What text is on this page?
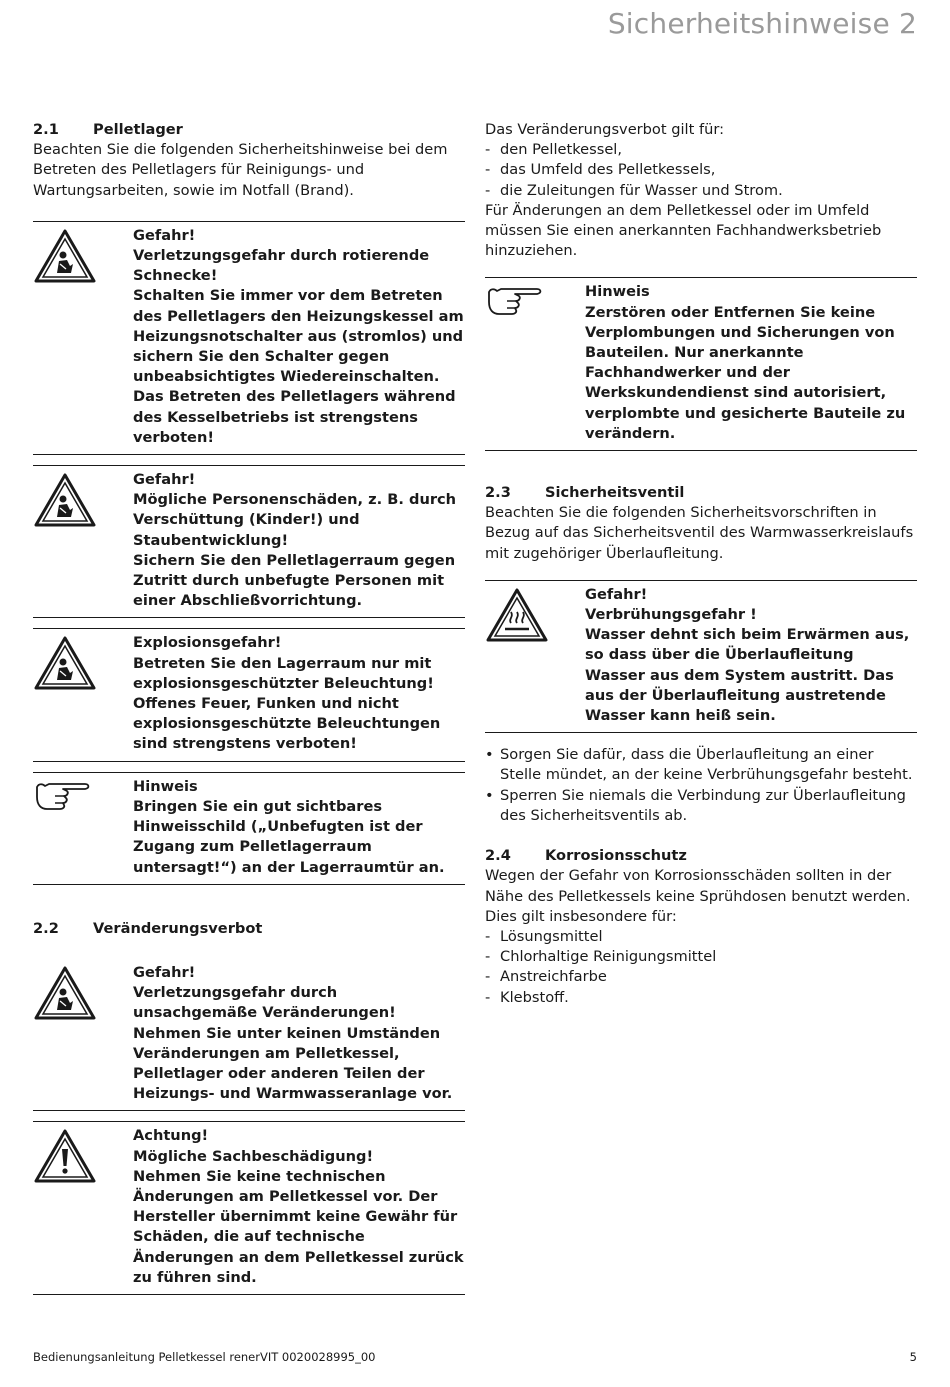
Sicherheitshinweise 2
2.1	Pelletlager

Beachten Sie die folgenden Sicherheitshinweise bei dem Betreten des Pelletlagers für Reinigungs- und Wartungsarbeiten, sowie im Notfall (Brand).

Gefahr!

Verletzungsgefahr durch rotierende Schnecke!

Schalten Sie immer vor dem Betreten des Pelletlagers den Heizungskessel am Heizungsnotschalter aus (stromlos) und sichern Sie den Schalter gegen unbeabsichtigtes Wiedereinschalten. Das Betreten des Pelletlagers während des Kesselbetriebs ist strengstens verboten!

Gefahr!

Mögliche Personenschäden, z. B. durch Verschüttung (Kinder!) und Staubentwicklung!

Sichern Sie den Pelletlagerraum gegen Zutritt durch unbefugte Personen mit einer Abschließvorrichtung.

Explosionsgefahr!

Betreten Sie den Lagerraum nur mit explosionsgeschützter Beleuchtung! Offenes Feuer, Funken und nicht explosionsgeschützte Beleuchtungen sind strengstens verboten!

Hinweis

Bringen Sie ein gut sichtbares Hinweisschild („Unbefugten ist der Zugang zum Pelletlagerraum untersagt!“) an der Lagerraumtür an.

2.2	Veränderungsverbot

Gefahr!

Verletzungsgefahr durch unsachgemäße Veränderungen!

Nehmen Sie unter keinen Umständen Veränderungen am Pelletkessel, Pelletlager oder anderen Teilen der Heizungs- und Warmwasseranlage vor.

Achtung!

Mögliche Sachbeschädigung!

Nehmen Sie keine technischen Änderungen am Pelletkessel vor. Der Hersteller übernimmt keine Gewähr für Schäden, die auf technische Änderungen an dem Pelletkessel zurück zu führen sind.

Das Veränderungsverbot gilt für:

- den Pelletkessel,
- das Umfeld des Pelletkessels,
- die Zuleitungen für Wasser und Strom.

Für Änderungen an dem Pelletkessel oder im Umfeld müssen Sie einen anerkannten Fachhandwerksbetrieb hinzuziehen.

Hinweis

Zerstören oder Entfernen Sie keine Verplombungen und Sicherungen von Bauteilen. Nur anerkannte Fachhandwerker und der Werkskundendienst sind autorisiert, verplombte und gesicherte Bauteile zu verändern.

2.3	Sicherheitsventil

Beachten Sie die folgenden Sicherheitsvorschriften in Bezug auf das Sicherheitsventil des Warmwasserkreislaufs mit zugehöriger Überlaufleitung.

Gefahr!

Verbrühungsgefahr !

Wasser dehnt sich beim Erwärmen aus, so dass über die Überlaufleitung Wasser aus dem System austritt. Das aus der Überlaufleitung austretende Wasser kann heiß sein.

• Sorgen Sie dafür, dass die Überlaufleitung an einer Stelle mündet, an der keine Verbrühungsgefahr besteht.
• Sperren Sie niemals die Verbindung zur Überlaufleitung des Sicherheitsventils ab.
2.4	Korrosionsschutz

Wegen der Gefahr von Korrosionsschäden sollten in der Nähe des Pelletkessels keine Sprühdosen benutzt werden. Dies gilt insbesondere für:

- Lösungsmittel
- Chlorhaltige Reinigungsmittel
- Anstreichfarbe
- Klebstoff.
Bedienungsanleitung Pelletkessel renerVIT 0020028995_00	5
